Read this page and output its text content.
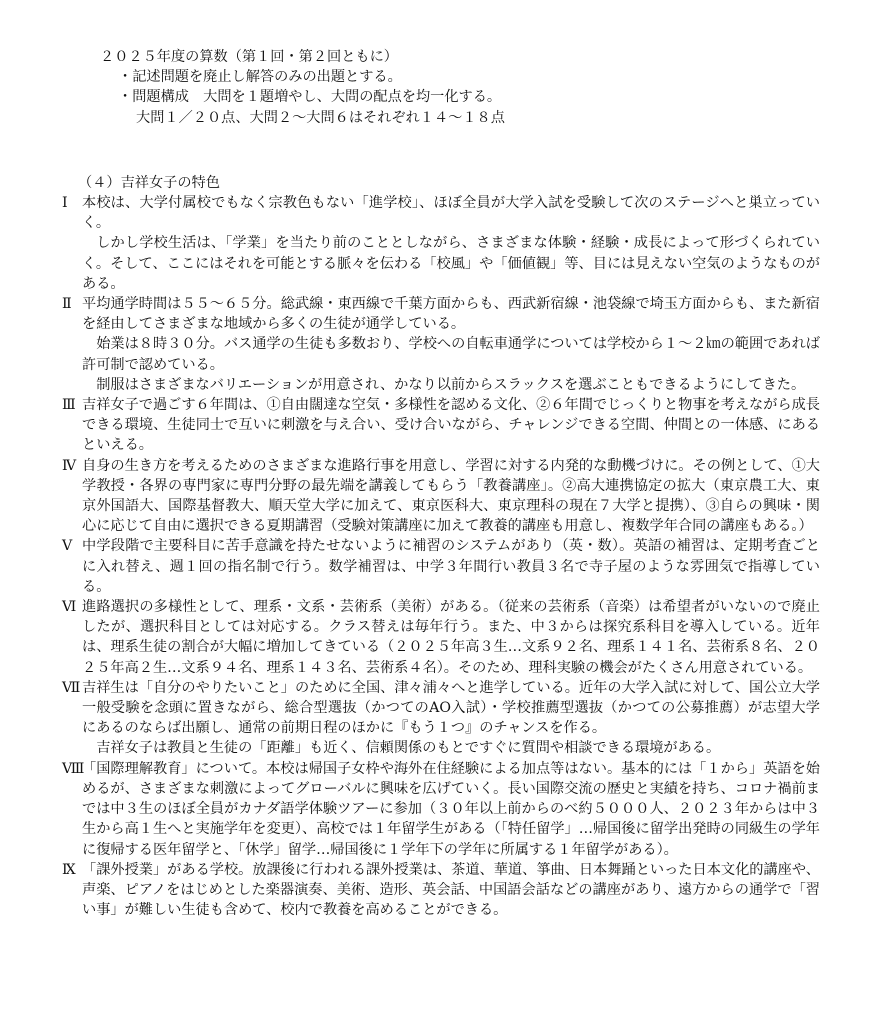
２０２５年度の算数（第１回・第２回ともに）
・記述問題を廃止し解答のみの出題とする。
・問題構成　大問を１題増やし、大問の配点を均一化する。
大問１／２０点、大問２～大問６はそれぞれ１４～１８点
（４）吉祥女子の特色
Ⅰ	本校は、大学付属校でもなく宗教色もない「進学校」、ほぼ全員が大学入試を受験して次のステージへと巣立っていく。

しかし学校生活は、「学業」を当たり前のこととしながら、さまざまな体験・経験・成長によって形づくられていく。そして、ここにはそれを可能とする脈々を伝わる「校風」や「価値観」等、目には見えない空気のようなものがある。

Ⅱ 平均通学時間は５５～６５分。総武線・東西線で千葉方面からも、西武新宿線・池袋線で埼玉方面からも、また新宿を経由してさまざまな地域から多くの生徒が通学している。

始業は８時３０分。バス通学の生徒も多数おり、学校への自転車通学については学校から１～２㎞の範囲であれば許可制で認めている。

制服はさまざまなバリエーションが用意され、かなり以前からスラックスを選ぶこともできるようにしてきた。

Ⅲ 吉祥女子で過ごす６年間は、①自由闊達な空気・多様性を認める文化、②６年間でじっくりと物事を考えながら成長できる環境、生徒同士で互いに刺激を与え合い、受け合いながら、チャレンジできる空間、仲間との一体感、にあるといえる。

Ⅳ 自身の生き方を考えるためのさまざまな進路行事を用意し、学習に対する内発的な動機づけに。その例として、①大学教授・各界の専門家に専門分野の最先端を講義してもらう「教養講座」。②高大連携協定の拡大（東京農工大、東京外国語大、国際基督教大、順天堂大学に加えて、東京医科大、東京理科の現在７大学と提携）、③自らの興味・関心に応じて自由に選択できる夏期講習（受験対策講座に加えて教養的講座も用意し、複数学年合同の講座もある。）

Ⅴ 中学段階で主要科目に苦手意識を持たせないように補習のシステムがあり（英・数）。英語の補習は、定期考査ごとに入れ替え、週１回の指名制で行う。数学補習は、中学３年間行い教員３名で寺子屋のような雰囲気で指導している。

Ⅵ 進路選択の多様性として、理系・文系・芸術系（美術）がある。（従来の芸術系（音楽）は希望者がいないので廃止したが、選択科目としては対応する。クラス替えは毎年行う。また、中３からは探究系科目を導入している。近年は、理系生徒の割合が大幅に増加してきている（２０２５年高３生…文系９２名、理系１４１名、芸術系８名、２０２５年高２生…文系９４名、理系１４３名、芸術系４名）。そのため、理科実験の機会がたくさん用意されている。

Ⅶ 吉祥生は「自分のやりたいこと」のために全国、津々浦々へと進学している。近年の大学入試に対して、国公立大学一般受験を念頭に置きながら、総合型選抜（かつてのAO入試）・学校推薦型選抜（かつての公募推薦）が志望大学にあるのならば出願し、通常の前期日程のほかに『もう１つ』のチャンスを作る。

吉祥女子は教員と生徒の「距離」も近く、信頼関係のもとですぐに質問や相談できる環境がある。

Ⅷ

「国際理解教育」について。本校は帰国子女枠や海外在住経験による加点等はない。基本的には「１から」英語を始めるが、さまざまな刺激によってグローバルに興味を広げていく。長い国際交流の歴史と実績を持ち、コロナ禍前までは中３生のほぼ全員がカナダ語学体験ツアーに参加（３０年以上前からのべ約５０００人、２０２３年からは中３生から高１生へと実施学年を変更）、高校では１年留学生がある（「特任留学」…帰国後に留学出発時の同級生の学年に復帰する医年留学と、「休学」留学…帰国後に１学年下の学年に所属する１年留学がある）。

Ⅸ 「課外授業」がある学校。放課後に行われる課外授業は、茶道、華道、箏曲、日本舞踊といった日本文化的講座や、声楽、ピアノをはじめとした楽器演奏、美術、造形、英会話、中国語会話などの講座があり、遠方からの通学で「習い事」が難しい生徒も含めて、校内で教養を高めることができる。
